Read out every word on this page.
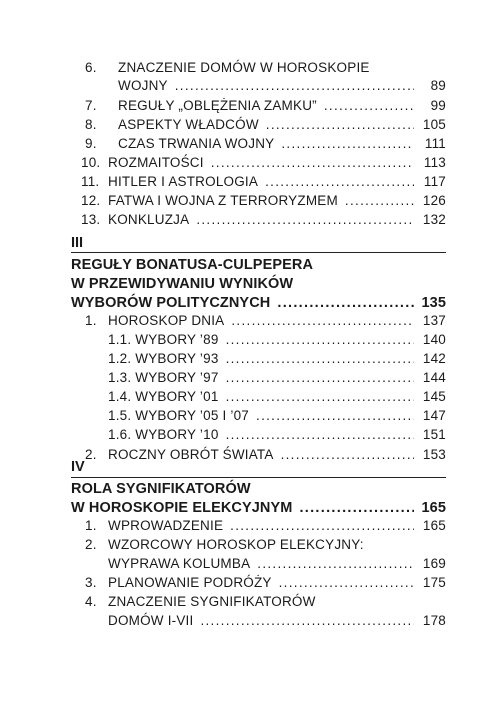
6. ZNACZENIE DOMÓW W HOROSKOPIE
WOJNY .....	89
7. REGUŁY „OBLĘŻENIA ZAMKU” .....	99
8. ASPEKTY WŁADCÓW .....	105
9. CZAS TRWANIA WOJNY .....	111
10. ROZMAITOŚCI .....	113
11. HITLER I ASTROLOGIA .....	117
12. FATWA I WOJNA Z TERRORYZMEM .....	126
13. KONKLUZJA .....	132
III
REGUŁY BONATUSA-CULPEPERA
W PRZEWIDYWANIU WYNIKÓW
WYBORÓW POLITYCZNYCH .....	135
1. HOROSKOP DNIA .....	137
1.1. WYBORY ’89 .....	140
1.2. WYBORY ’93 .....	142
1.3. WYBORY ’97 .....	144
1.4. WYBORY ’01 .....	145
1.5. WYBORY ’05 I ’07 .....	147
1.6. WYBORY ’10 .....	151
2. ROCZNY OBRÓT ŚWIATA .....	153
IV
ROLA SYGNIFIKATORÓW
W HOROSKOPIE ELEKCYJNYM .....	165
1. WPROWADZENIE .....	165
2. WZORCOWY HOROSKOP ELEKCYJNY:
WYPRAWA KOLUMBA .....	169
3. PLANOWANIE PODRÓŻY .....	175
4. ZNACZENIE SYGNIFIKATORÓW
DOMÓW I-VII .....	178
